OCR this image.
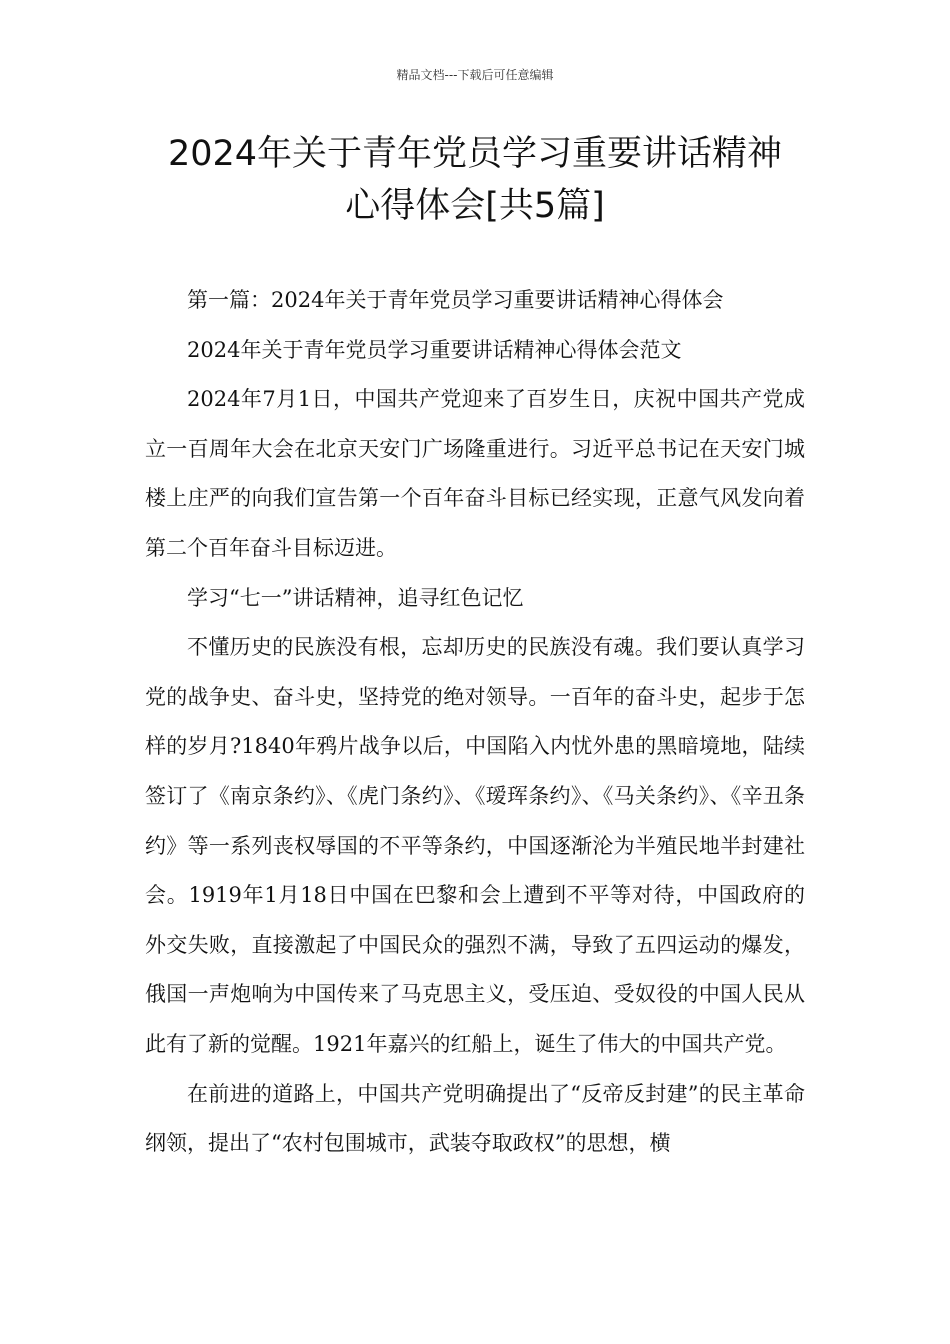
精品文档---下载后可任意编辑
2024年关于青年党员学习重要讲话精神
心得体会[共5篇]

第一篇：2024年关于青年党员学习重要讲话精神心得体会

2024年关于青年党员学习重要讲话精神心得体会范文

2024年7月1日，中国共产党迎来了百岁生日，庆祝中国共产党成立一百周年大会在北京天安门广场隆重进行。习近平总书记在天安门城楼上庄严的向我们宣告第一个百年奋斗目标已经实现，正意气风发向着第二个百年奋斗目标迈进。

学习“七一”讲话精神，追寻红色记忆

不懂历史的民族没有根，忘却历史的民族没有魂。我们要认真学习党的战争史、奋斗史，坚持党的绝对领导。一百年的奋斗史，起步于怎样的岁月?1840年鸦片战争以后，中国陷入内忧外患的黑暗境地，陆续签订了《南京条约》、《虎门条约》、《瑷珲条约》、《马关条约》、《辛丑条约》等一系列丧权辱国的不平等条约，中国逐渐沦为半殖民地半封建社会。1919年1月18日中国在巴黎和会上遭到不平等对待，中国政府的外交失败，直接激起了中国民众的强烈不满，导致了五四运动的爆发，俄国一声炮响为中国传来了马克思主义，受压迫、受奴役的中国人民从此有了新的觉醒。1921年嘉兴的红船上，诞生了伟大的中国共产党。

在前进的道路上，中国共产党明确提出了“反帝反封建”的民主革命纲领，提出了“农村包围城市，武装夺取政权”的思想，横
